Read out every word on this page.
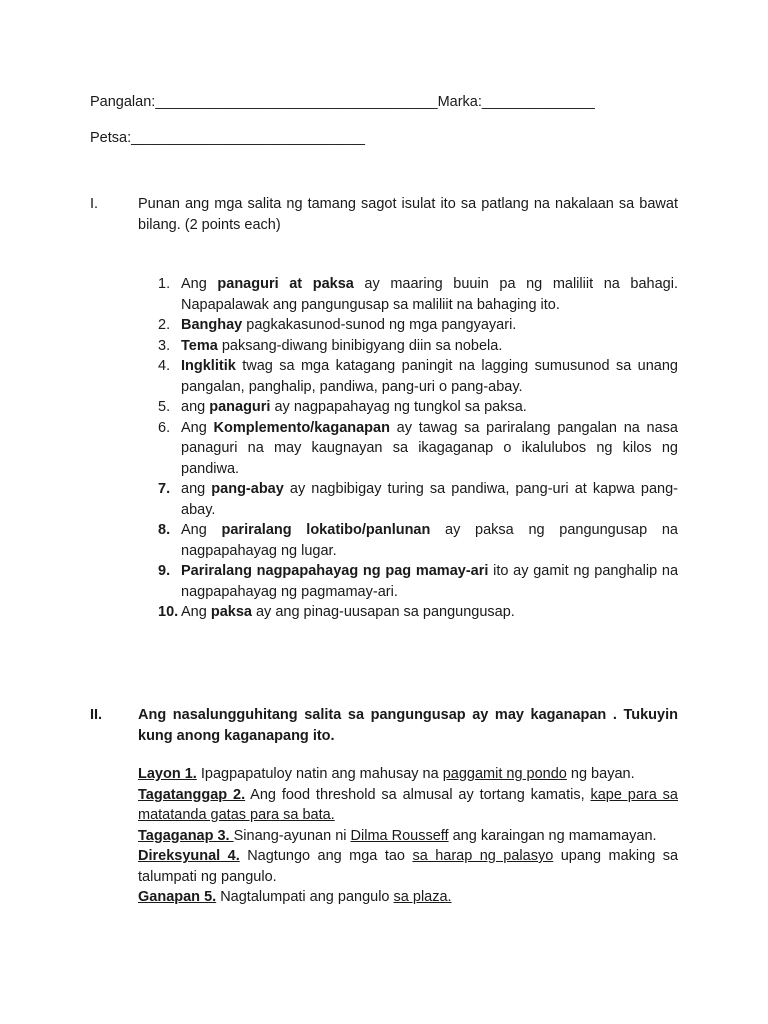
Pangalan:___________________________________Marka:______________
Petsa:_____________________________
I.	Punan ang mga salita ng tamang sagot isulat ito sa patlang na nakalaan sa bawat bilang. (2 points each)
1. Ang panaguri at paksa ay maaring buuin pa ng maliliit na bahagi. Napapalawak ang pangungusap sa maliliit na bahaging ito.
2. Banghay pagkakasunod-sunod ng mga pangyayari.
3. Tema paksang-diwang binibigyang diin sa nobela.
4. Ingklitik twag sa mga katagang paningit na lagging sumusunod sa unang pangalan, panghalip, pandiwa, pang-uri o pang-abay.
5. ang panaguri ay nagpapahayag ng tungkol sa paksa.
6. Ang Komplemento/kaganapan ay tawag sa pariralang pangalan na nasa panaguri na may kaugnayan sa ikagaganap o ikalulubos ng kilos ng pandiwa.
7. ang pang-abay ay nagbibigay turing sa pandiwa, pang-uri at kapwa pang-abay.
8. Ang pariralang lokatibo/panlunan ay paksa ng pangungusap na nagpapahayag ng lugar.
9. Pariralang nagpapahayag ng pag mamay-ari ito ay gamit ng panghalip na nagpapahayag ng pagmamay-ari.
10. Ang paksa ay ang pinag-uusapan sa pangungusap.
II. Ang nasalungguhitang salita sa pangungusap ay may kaganapan . Tukuyin kung anong kaganapang ito.

Layon 1. Ipagpapatuloy natin ang mahusay na paggamit ng pondo ng bayan.

Tagatanggap 2. Ang food threshold sa almusal ay tortang kamatis, kape para sa matatanda gatas para sa bata.

Tagaganap 3. Sinang-ayunan ni Dilma Rousseff ang karaingan ng mamamayan.

Direksyunal 4. Nagtungo ang mga tao sa harap ng palasyo upang making sa talumpati ng pangulo.

Ganapan 5. Nagtalumpati ang pangulo sa plaza.
